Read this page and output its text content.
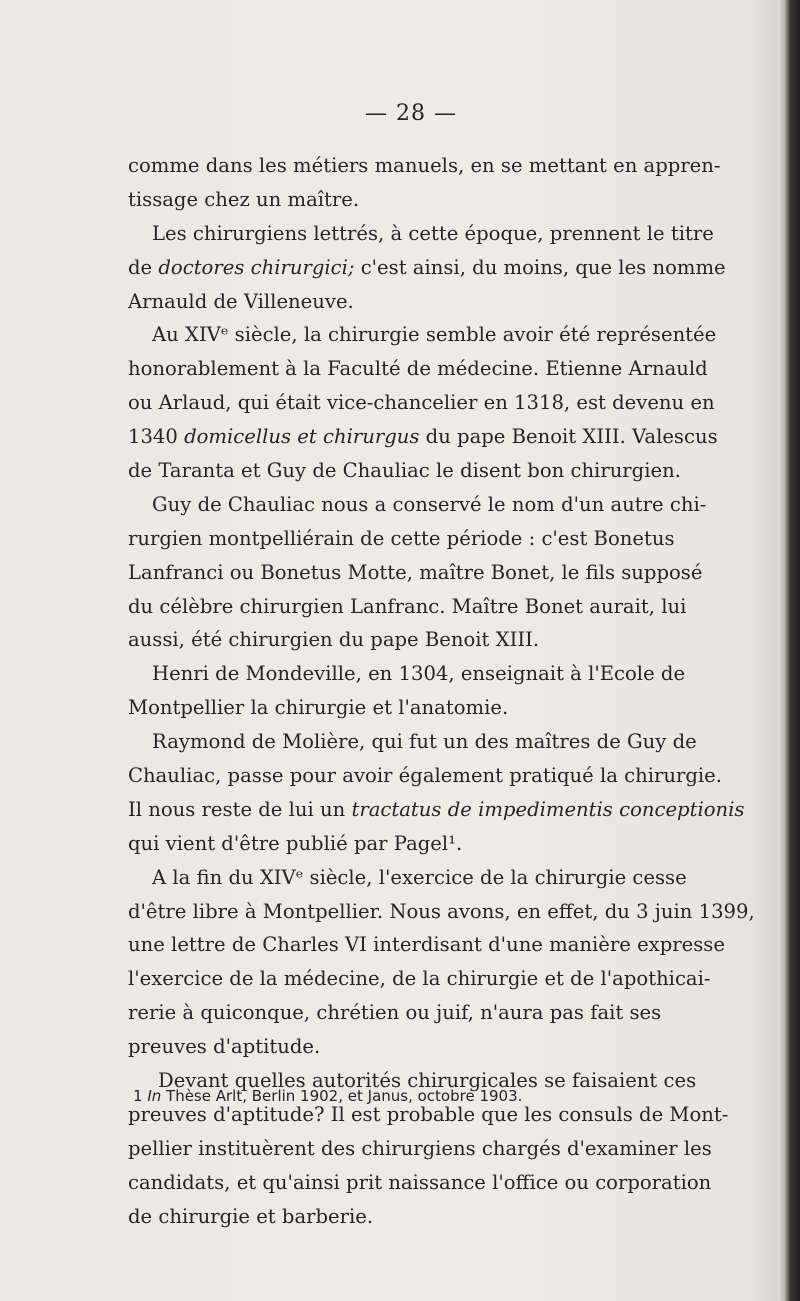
— 28 —
comme dans les métiers manuels, en se mettant en appren-
tissage chez un maître.
Les chirurgiens lettrés, à cette époque, prennent le titre
de doctores chirurgici; c'est ainsi, du moins, que les nomme
Arnauld de Villeneuve.
Au XIVᵉ siècle, la chirurgie semble avoir été représentée
honorablement à la Faculté de médecine. Etienne Arnauld
ou Arlaud, qui était vice-chancelier en 1318, est devenu en
1340 domicellus et chirurgus du pape Benoit XIII. Valescus
de Taranta et Guy de Chauliac le disent bon chirurgien.
Guy de Chauliac nous a conservé le nom d'un autre chi-
rurgien montpelliérain de cette période : c'est Bonetus
Lanfranci ou Bonetus Motte, maître Bonet, le fils supposé
du célèbre chirurgien Lanfranc. Maître Bonet aurait, lui
aussi, été chirurgien du pape Benoit XIII.
Henri de Mondeville, en 1304, enseignait à l'Ecole de
Montpellier la chirurgie et l'anatomie.
Raymond de Molière, qui fut un des maîtres de Guy de
Chauliac, passe pour avoir également pratiqué la chirurgie.
Il nous reste de lui un tractatus de impedimentis conceptionis
qui vient d'être publié par Pagel¹.
A la fin du XIVᵉ siècle, l'exercice de la chirurgie cesse
d'être libre à Montpellier. Nous avons, en effet, du 3 juin 1399,
une lettre de Charles VI interdisant d'une manière expresse
l'exercice de la médecine, de la chirurgie et de l'apothicai-
rerie à quiconque, chrétien ou juif, n'aura pas fait ses
preuves d'aptitude.
Devant quelles autorités chirurgicales se faisaient ces
preuves d'aptitude? Il est probable que les consuls de Mont-
pellier instituèrent des chirurgiens chargés d'examiner les
candidats, et qu'ainsi prit naissance l'office ou corporation
de chirurgie et barberie.
1 In Thèse Arlt, Berlin 1902, et Janus, octobre 1903.
